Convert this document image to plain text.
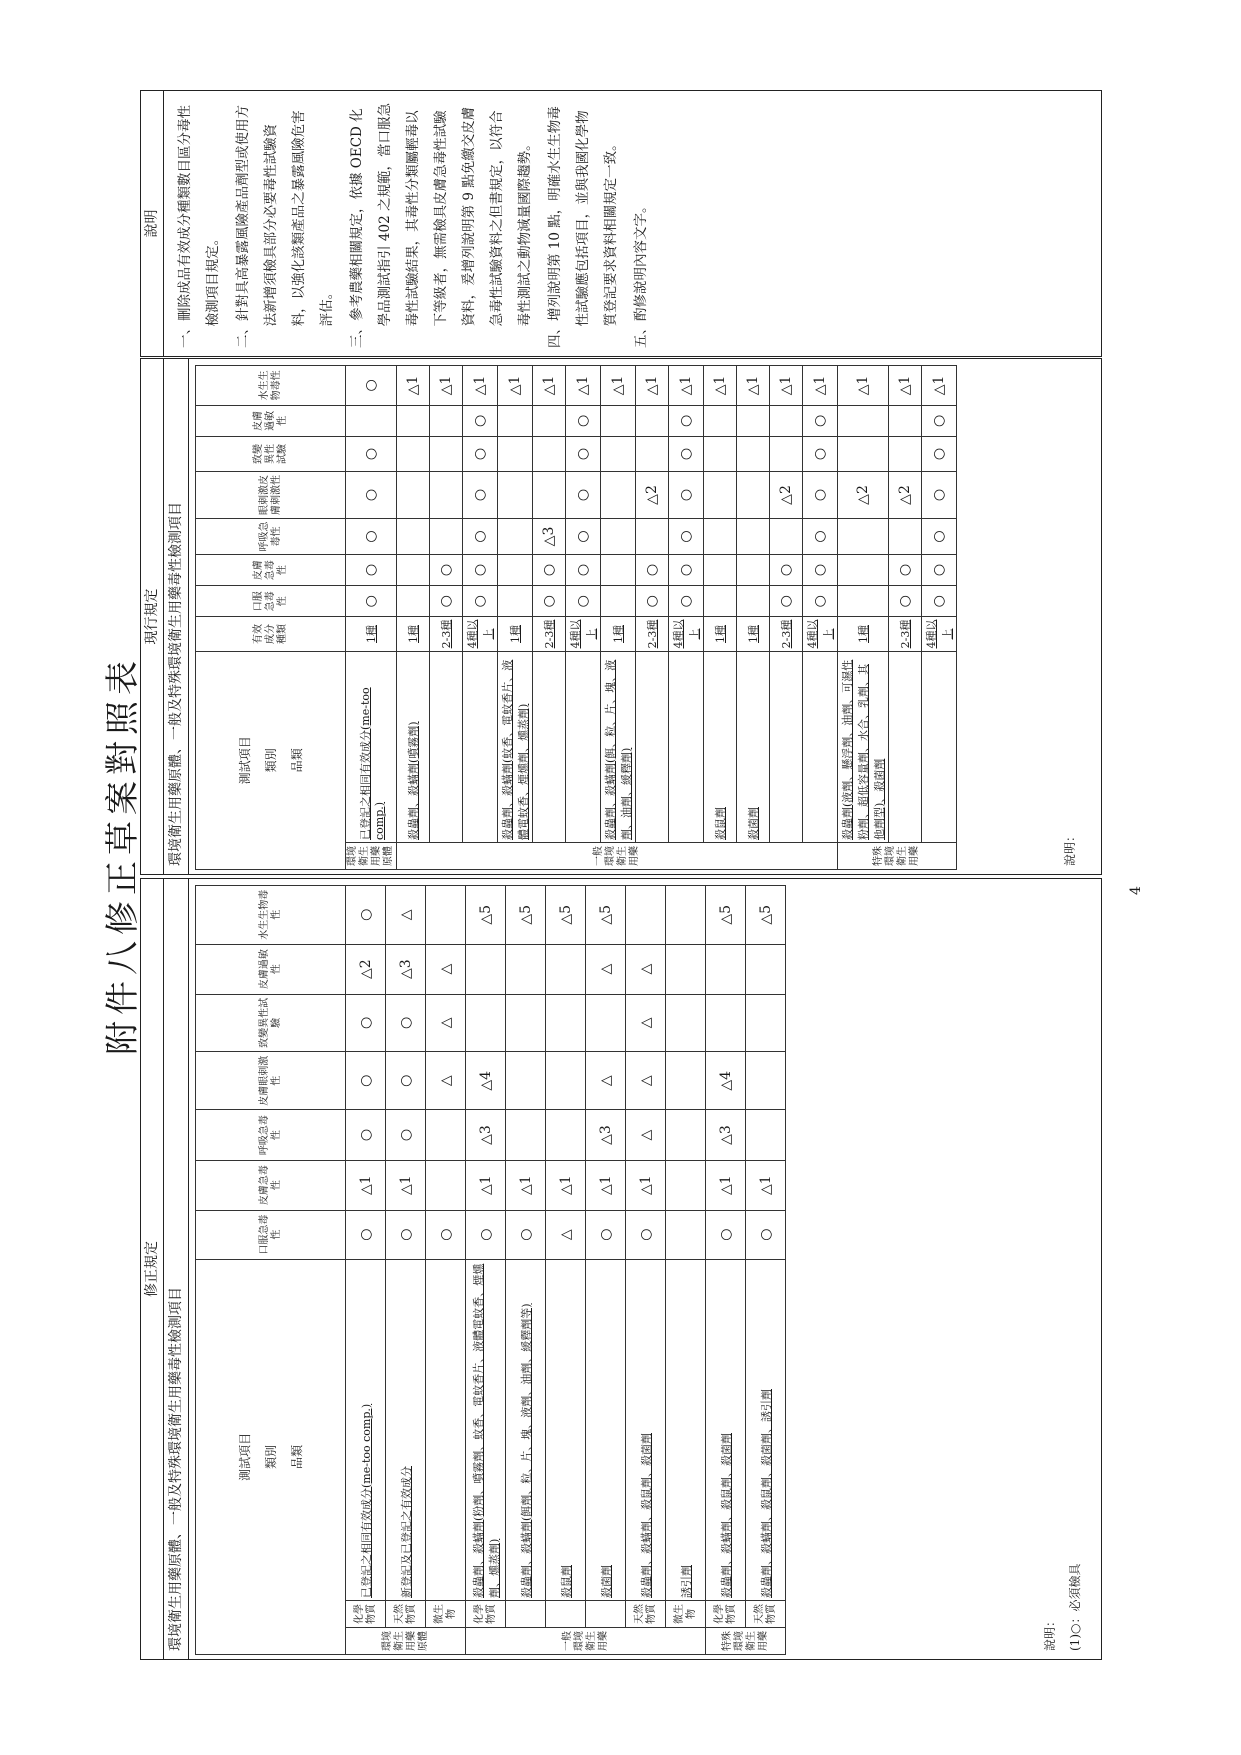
附件八修正草案對照表
修正規定
環境衛生用藥原體、一般及特殊環境衛生用藥毒性檢測項目	測試項目 類別 品類			口服急毒性	皮膚急毒性	呼吸急毒性	皮膚眼刺激性	致變異性試驗	皮膚過敏性	水生生物毒性
環境衛生用藥原體	化學物質	已登記之相同有效成分(me-too comp.)	○	△1	○	○	○	△2	○
	天然物質	新登記及已登記之有效成分	○	△1	○	○	○	△3	△
	微生物		○			△	△	△	
一般環境衛生用藥	化學物質	殺蟲劑、殺蟎劑(粉劑、噴霧劑、蚊香、電蚊香片、液體電蚊香、煙燻劑、燻蒸劑)	○	△1	△3	△4			△5
		殺蟲劑、殺蟎劑(餌劑、粒、片、塊、液劑、油劑、緩釋劑等)	○	△1					△5
		殺鼠劑	△	△1					△5
		殺菌劑	○	△1	△3	△		△	△5
	天然物質	殺蟲劑、殺蟎劑、殺鼠劑、殺菌劑	○	△1	△	△	△	△	
	微生物	誘引劑							
特殊環境衛生用藥	化學物質	殺蟲劑、殺蟎劑、殺鼠劑、殺菌劑	○	△1	△3	△4			△5
	天然物質	殺蟲劑、殺蟎劑、殺鼠劑、殺菌劑、誘引劑	○	△1					△5
說明： (1)○：必須檢具
現行規定 環境衛生用藥原體、一般及特殊環境衛生用藥毒性檢測項目	測試項目 類別 品類		有效成分種類	口服急毒性	皮膚急毒性	呼吸急毒性	眼刺激皮膚刺激性	致變異性試驗	皮膚過敏性	水生生物毒性
環境衛生用藥原體	已登記之相同有效成分(me-too comp.)	1種	○	○	○	○	○		○
一般環境衛生用藥	殺蟲劑、殺蟎劑(噴霧劑)	1種							△1
		2-3種	○	○					△1
		4種以上	○	○	○	○	○	○	△1
	殺蟲劑、殺蟎劑(蚊香、電蚊香片、液體電蚊香、煙燻劑、燻蒸劑)	1種							△1
		2-3種	○	○	△3				△1
		4種以上	○	○	○	○	○	○	△1
	殺蟲劑、殺蟎劑(餌、粒、片、塊、液劑、油劑、緩釋劑)	1種							△1
		2-3種	○	○		△2			△1
		4種以上	○	○	○	○	○	○	△1
	殺鼠劑	1種							△1
	殺菌劑	1種							△1
		2-3種	○	○		△2			△1
		4種以上	○	○	○	○	○	○	△1
特殊環境衛生用藥	殺蟲劑(液劑、懸浮劑、油劑、可濕性粉劑、超低容量劑、水合、乳劑、其他劑型)、殺菌劑	1種				△2			△1
		2-3種	○	○		△2			△1
		4種以上	○	○	○	○	○	○	△1
說明：
說明	一、刪除成品有效成分種類數目區分毒性檢測項目規定。	二、針對具高暴露風險產品劑型或使用方法新增須檢具部分必要毒性試驗資料，以強化該類產品之暴露風險危害評估。	三、參考農藥相關規定，依據 OECD 化學品測試指引 402 之規範，當口服急毒性試驗結果，其毒性分類屬輕毒以下等級者，無需檢具皮膚急毒性試驗資料，爰增列說明第 9 點免繳交皮膚急毒性試驗資料之但書規定，以符合毒性測試之動物減量國際趨勢。	四、增列說明第 10 點，明確水生生物毒性試驗應包括項目，並與我國化學物質登記要求資料相關規定一致。	五、酌修說明內容文字。

4
